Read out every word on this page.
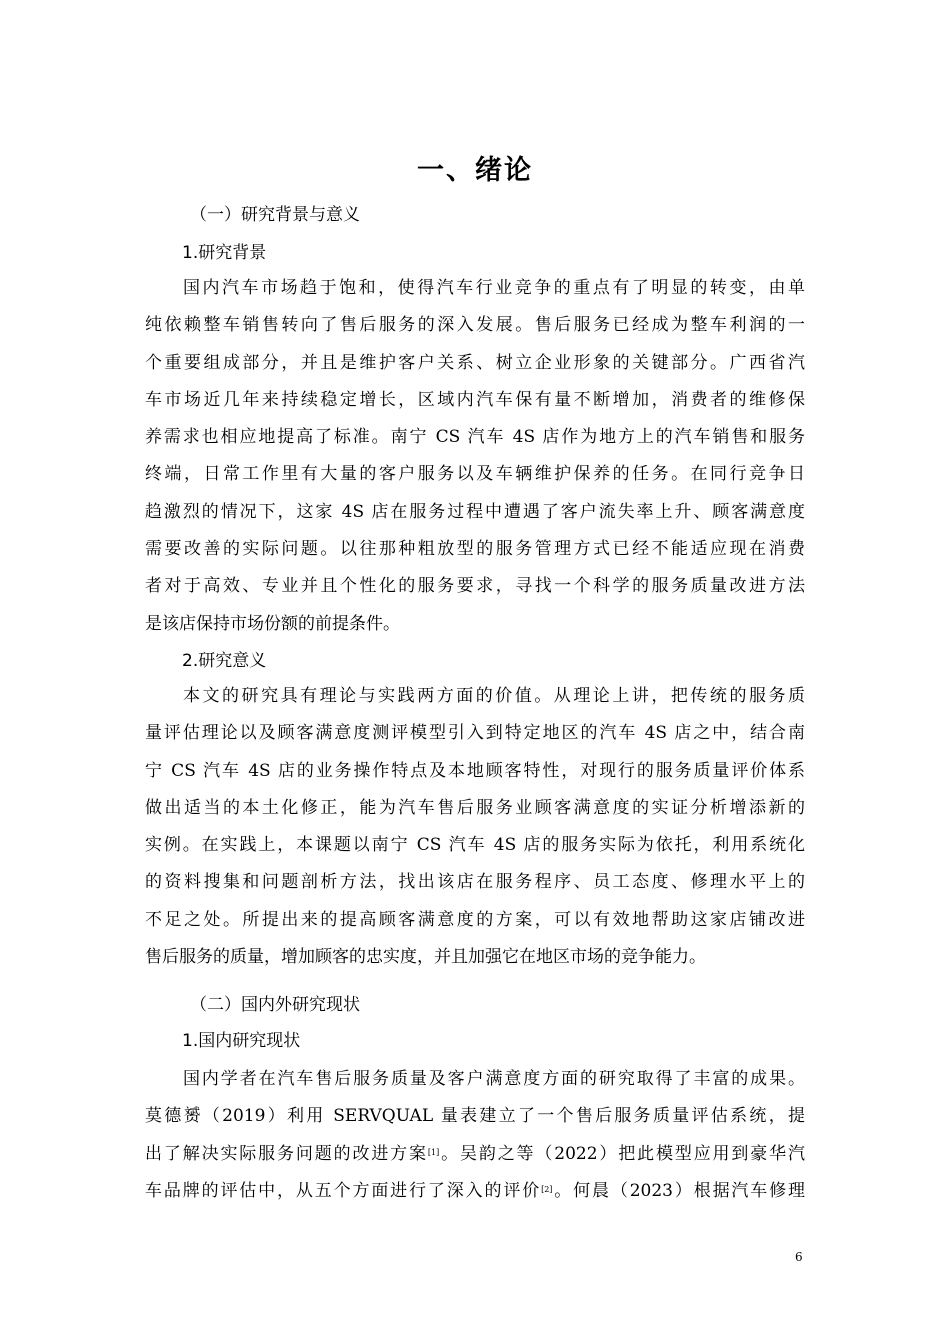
一、绪论
（一）研究背景与意义
1.研究背景
国内汽车市场趋于饱和，使得汽车行业竞争的重点有了明显的转变，由单
纯依赖整车销售转向了售后服务的深入发展。售后服务已经成为整车利润的一
个重要组成部分，并且是维护客户关系、树立企业形象的关键部分。广西省汽
车市场近几年来持续稳定增长，区域内汽车保有量不断增加，消费者的维修保
养需求也相应地提高了标准。南宁 CS 汽车 4S 店作为地方上的汽车销售和服务
终端，日常工作里有大量的客户服务以及车辆维护保养的任务。在同行竞争日
趋激烈的情况下，这家 4S 店在服务过程中遭遇了客户流失率上升、顾客满意度
需要改善的实际问题。以往那种粗放型的服务管理方式已经不能适应现在消费
者对于高效、专业并且个性化的服务要求，寻找一个科学的服务质量改进方法
是该店保持市场份额的前提条件。
2.研究意义
本文的研究具有理论与实践两方面的价值。从理论上讲，把传统的服务质
量评估理论以及顾客满意度测评模型引入到特定地区的汽车 4S 店之中，结合南
宁 CS 汽车 4S 店的业务操作特点及本地顾客特性，对现行的服务质量评价体系
做出适当的本土化修正，能为汽车售后服务业顾客满意度的实证分析增添新的
实例。在实践上，本课题以南宁 CS 汽车 4S 店的服务实际为依托，利用系统化
的资料搜集和问题剖析方法，找出该店在服务程序、员工态度、修理水平上的
不足之处。所提出来的提高顾客满意度的方案，可以有效地帮助这家店铺改进
售后服务的质量，增加顾客的忠实度，并且加强它在地区市场的竞争能力。
（二）国内外研究现状
1.国内研究现状
国内学者在汽车售后服务质量及客户满意度方面的研究取得了丰富的成果。
莫德赟（2019）利用 SERVQUAL 量表建立了一个售后服务质量评估系统，提
出了解决实际服务问题的改进方案[1]。吴韵之等（2022）把此模型应用到豪华汽
车品牌的评估中，从五个方面进行了深入的评价[2]。何晨（2023）根据汽车修理
6
